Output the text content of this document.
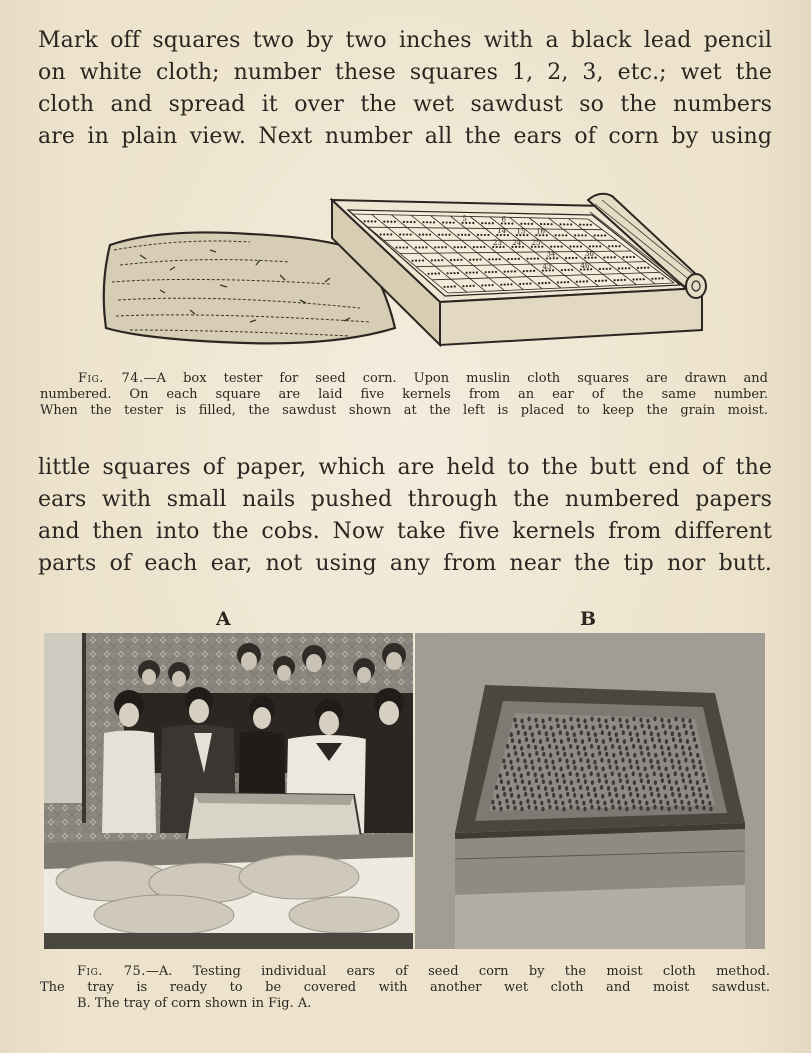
Mark off squares two by two inches with a black lead pencil
on white cloth; number these squares 1, 2, 3, etc.; wet the
cloth and spread it over the wet sawdust so the numbers
are in plain view. Next number all the ears of corn by using
5	6
14 15 16
23 24 25
34	36
43	46
Fig. 74.—A box tester for seed corn. Upon muslin cloth squares are drawn and
numbered. On each square are laid five kernels from an ear of the same number.
When the tester is filled, the sawdust shown at the left is placed to keep the grain moist.
little squares of paper, which are held to the butt end of the
ears with small nails pushed through the numbered papers
and then into the cobs. Now take five kernels from different
parts of each ear, not using any from near the tip nor butt.
A	B
Fig. 75.—A. Testing individual ears of seed corn by the moist cloth method.
The tray is ready to be covered with another wet cloth and moist sawdust.
B. The tray of corn shown in Fig. A.
